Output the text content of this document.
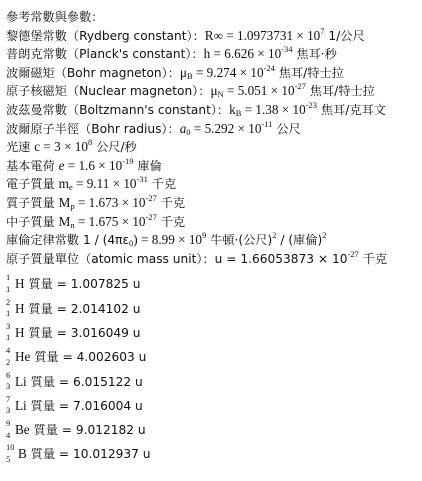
參考常數與參數：
黎德堡常數（Rydberg constant）：$R\infty = 1.0973731 \times 10^7$ 1/公尺
普朗克常數（Planck's constant）：$h = 6.626 \times 10^{-34}$ 焦耳·秒
波爾磁矩（Bohr magneton）：$\mu_B = 9.274 \times 10^{-24}$ 焦耳/特士拉
原子核磁矩（Nuclear magneton）：$\mu_N = 5.051 \times 10^{-27}$ 焦耳/特士拉
波茲曼常數（Boltzmann's constant）：$k_B = 1.38 \times 10^{-23}$ 焦耳/克耳文
波爾原子半徑（Bohr radius）：$a_0 = 5.292 \times 10^{-11}$ 公尺
光速 $c = 3 \times 10^8$ 公尺/秒
基本電荷 $e = 1.6 \times 10^{-19}$ 庫倫
電子質量 $m_e = 9.11 \times 10^{-31}$ 千克
質子質量 $M_p = 1.673 \times 10^{-27}$ 千克
中子質量 $M_n = 1.675 \times 10^{-27}$ 千克
庫倫定律常數 $1 / (4\pi\varepsilon_0) = 8.99 \times 10^9$ 牛頓·(公尺)$^2$ / (庫倫)$^2$
原子質量單位（atomic mass unit）：$u = 1.66053873 \times 10^{-27}$ 千克
1
1 H 質量 = 1.007825 u
2
1 H 質量 = 2.014102 u
3
1 H 質量 = 3.016049 u
4
2 He 質量 = 4.002603 u
6
3 Li 質量 = 6.015122 u
7
3 Li 質量 = 7.016004 u
9
4 Be 質量 = 9.012182 u
10
5 B 質量 = 10.012937 u
